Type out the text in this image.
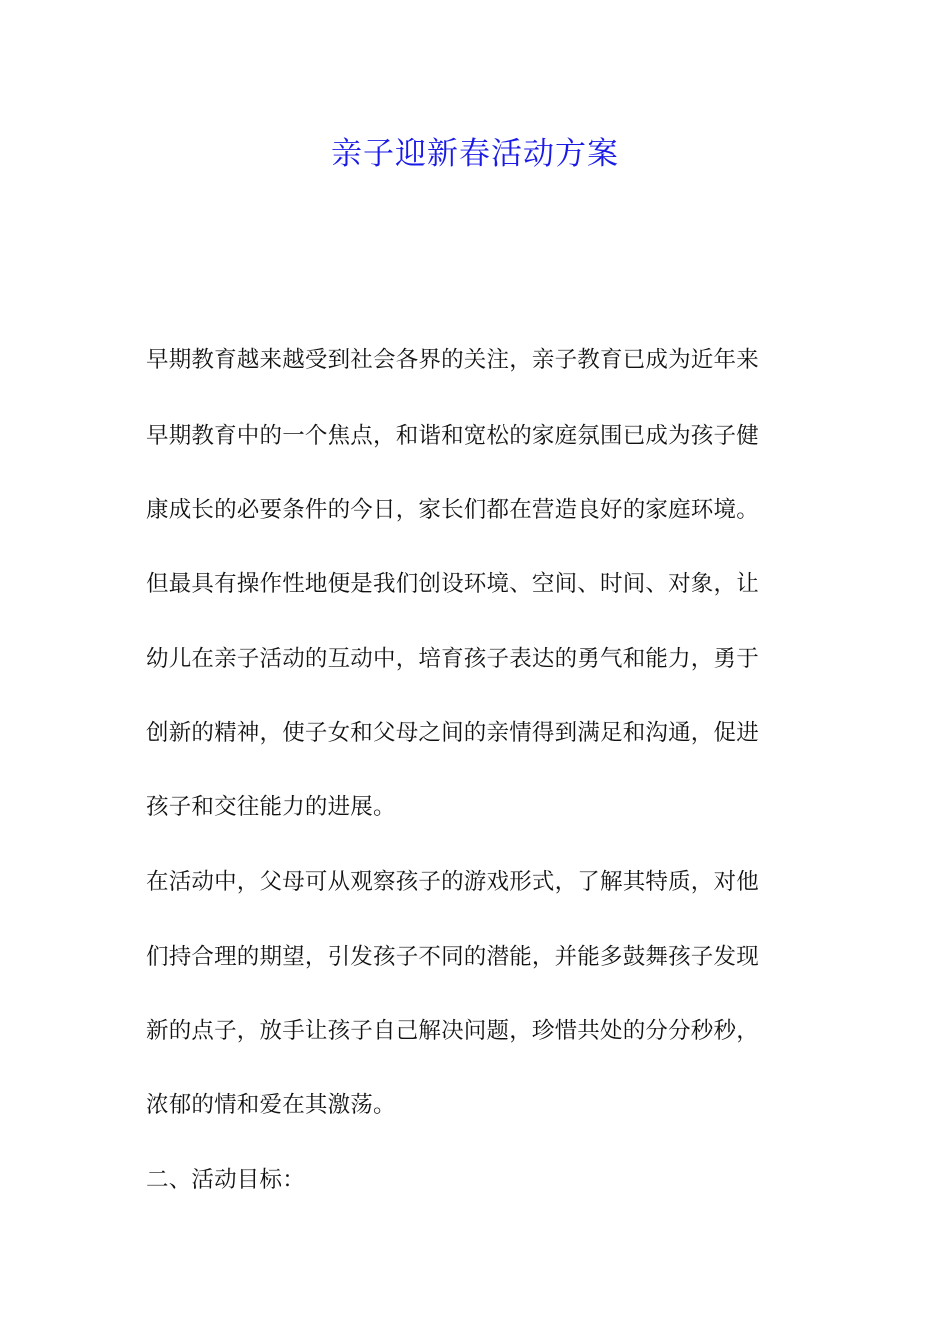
亲子迎新春活动方案
早期教育越来越受到社会各界的关注，亲子教育已成为近年来
早期教育中的一个焦点，和谐和宽松的家庭氛围已成为孩子健
康成长的必要条件的今日，家长们都在营造良好的家庭环境。
但最具有操作性地便是我们创设环境、空间、时间、对象，让
幼儿在亲子活动的互动中，培育孩子表达的勇气和能力，勇于
创新的精神，使子女和父母之间的亲情得到满足和沟通，促进
孩子和交往能力的进展。
在活动中，父母可从观察孩子的游戏形式，了解其特质，对他
们持合理的期望，引发孩子不同的潜能，并能多鼓舞孩子发现
新的点子，放手让孩子自己解决问题，珍惜共处的分分秒秒，
浓郁的情和爱在其激荡。
二、活动目标：
